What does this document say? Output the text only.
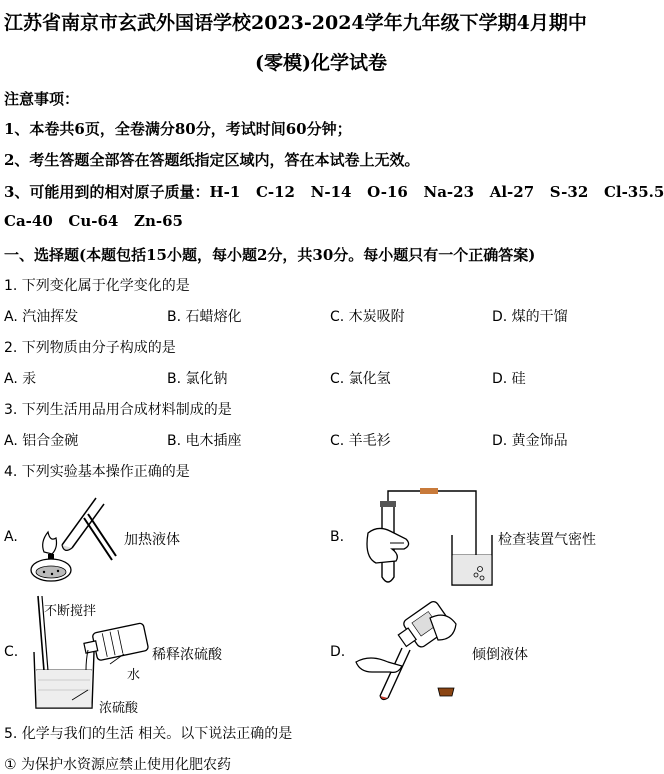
江苏省南京市玄武外国语学校2023-2024学年九年级下学期4月期中
(零模)化学试卷
注意事项：
1、本卷共6页，全卷满分80分，考试时间60分钟；
2、考生答题全部答在答题纸指定区域内，答在本试卷上无效。
3、可能用到的相对原子质量：H-1   C-12   N-14   O-16   Na-23   Al-27   S-32   Cl-35.5
Ca-40   Cu-64   Zn-65
一、选择题(本题包括15小题，每小题2分，共30分。每小题只有一个正确答案)
1. 下列变化属于化学变化的是
A. 汽油挥发	B. 石蜡熔化	C. 木炭吸附	D. 煤的干馏
2. 下列物质由分子构成的是
A. 汞	B. 氯化钠	C. 氯化氢	D. 硅
3. 下列生活用品用合成材料制成的是
A. 铝合金碗	B. 电木插座	C. 羊毛衫	D. 黄金饰品
4. 下列实验基本操作正确的是
A.	加热液体	B.	检查装置气密性
C.	稀释浓硫酸	D.	倾倒液体
不断搅拌
水
浓硫酸
5. 化学与我们的生活 相关。以下说法正确的是
① 为保护水资源应禁止使用化肥农药
